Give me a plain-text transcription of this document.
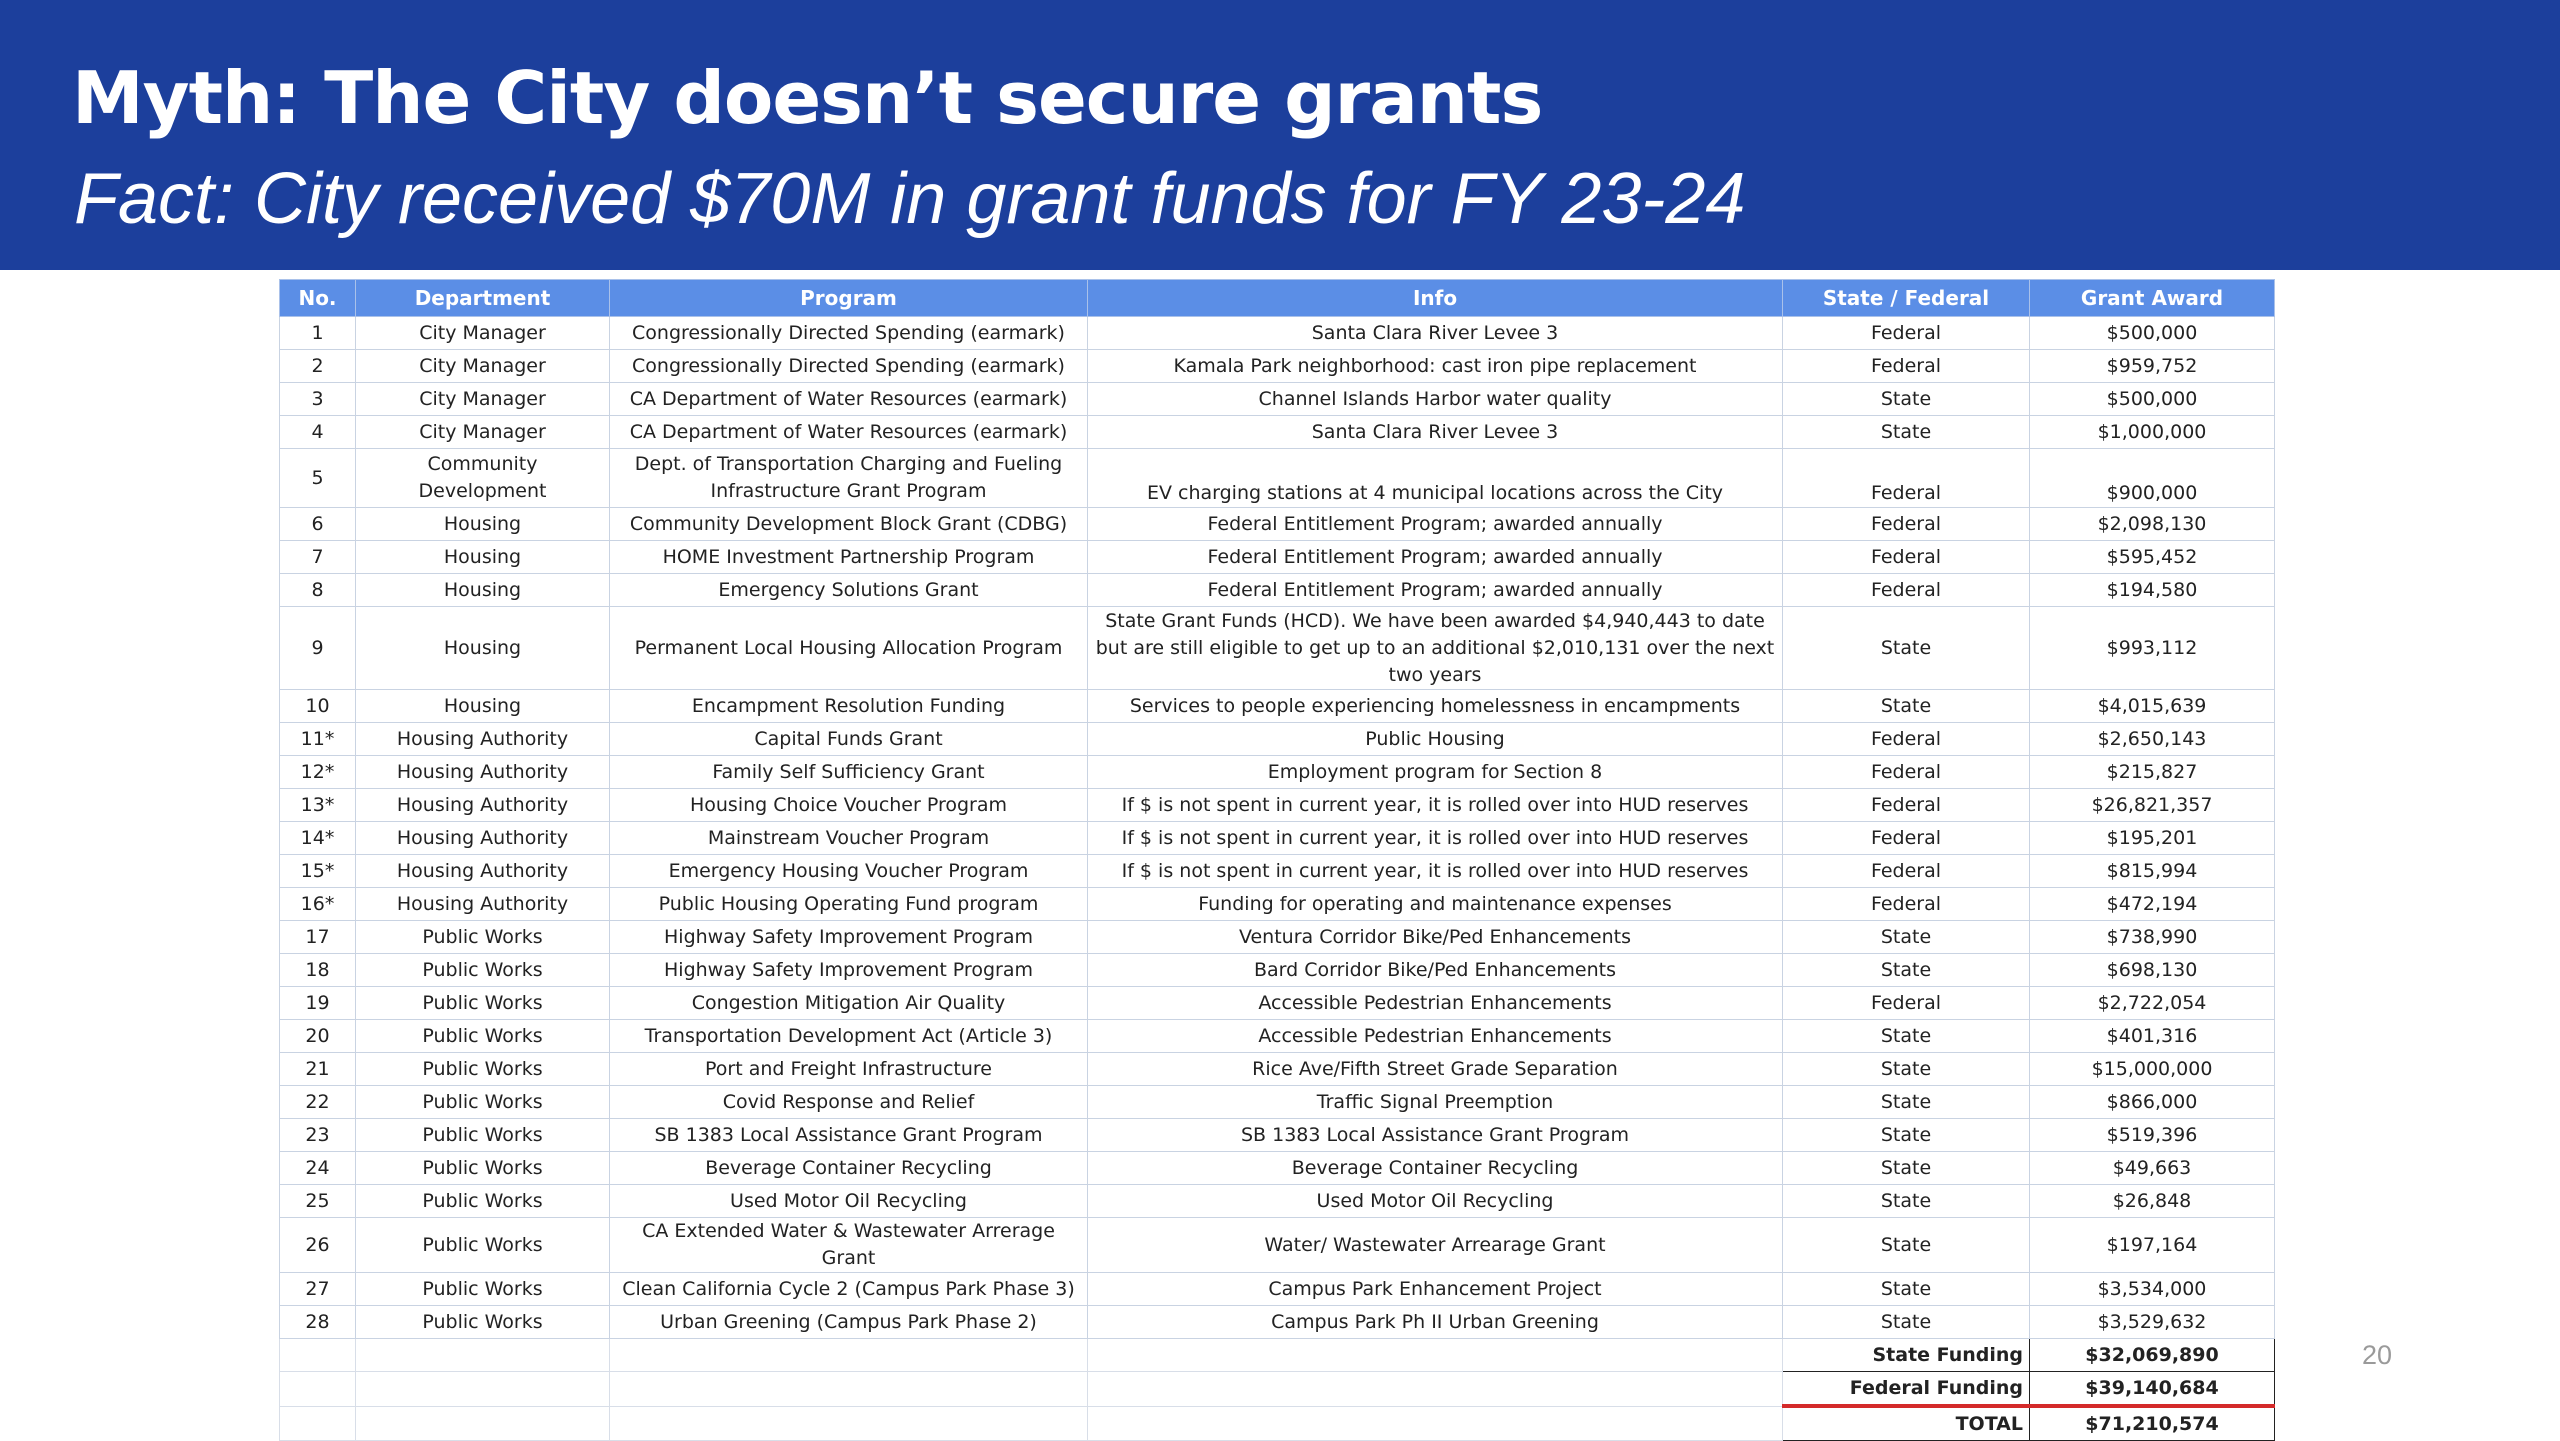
Myth: The City doesn’t secure grants
Fact: City received $70M in grant funds for FY 23-24
No.	Department	Program	Info	State / Federal	Grant Award
1	City Manager	Congressionally Directed Spending (earmark)	Santa Clara River Levee 3	Federal	$500,000
2	City Manager	Congressionally Directed Spending (earmark)	Kamala Park neighborhood: cast iron pipe replacement	Federal	$959,752
3	City Manager	CA Department of Water Resources (earmark)	Channel Islands Harbor water quality	State	$500,000
4	City Manager	CA Department of Water Resources (earmark)	Santa Clara River Levee 3	State	$1,000,000
5	Community Development	Dept. of Transportation Charging and Fueling Infrastructure Grant Program	EV charging stations at 4 municipal locations across the City	Federal	$900,000
6	Housing	Community Development Block Grant (CDBG)	Federal Entitlement Program; awarded annually	Federal	$2,098,130
7	Housing	HOME Investment Partnership Program	Federal Entitlement Program; awarded annually	Federal	$595,452
8	Housing	Emergency Solutions Grant	Federal Entitlement Program; awarded annually	Federal	$194,580
9	Housing	Permanent Local Housing Allocation Program	State Grant Funds (HCD). We have been awarded $4,940,443 to date but are still eligible to get up to an additional $2,010,131 over the next two years	State	$993,112
10	Housing	Encampment Resolution Funding	Services to people experiencing homelessness in encampments	State	$4,015,639
11*	Housing Authority	Capital Funds Grant	Public Housing	Federal	$2,650,143
12*	Housing Authority	Family Self Sufficiency Grant	Employment program for Section 8	Federal	$215,827
13*	Housing Authority	Housing Choice Voucher Program	If $ is not spent in current year, it is rolled over into HUD reserves	Federal	$26,821,357
14*	Housing Authority	Mainstream Voucher Program	If $ is not spent in current year, it is rolled over into HUD reserves	Federal	$195,201
15*	Housing Authority	Emergency Housing Voucher Program	If $ is not spent in current year, it is rolled over into HUD reserves	Federal	$815,994
16*	Housing Authority	Public Housing Operating Fund program	Funding for operating and maintenance expenses	Federal	$472,194
17	Public Works	Highway Safety Improvement Program	Ventura Corridor Bike/Ped Enhancements	State	$738,990
18	Public Works	Highway Safety Improvement Program	Bard Corridor Bike/Ped Enhancements	State	$698,130
19	Public Works	Congestion Mitigation Air Quality	Accessible Pedestrian Enhancements	Federal	$2,722,054
20	Public Works	Transportation Development Act (Article 3)	Accessible Pedestrian Enhancements	State	$401,316
21	Public Works	Port and Freight Infrastructure	Rice Ave/Fifth Street Grade Separation	State	$15,000,000
22	Public Works	Covid Response and Relief	Traffic Signal Preemption	State	$866,000
23	Public Works	SB 1383 Local Assistance Grant Program	SB 1383 Local Assistance Grant Program	State	$519,396
24	Public Works	Beverage Container Recycling	Beverage Container Recycling	State	$49,663
25	Public Works	Used Motor Oil Recycling	Used Motor Oil Recycling	State	$26,848
26	Public Works	CA Extended Water & Wastewater Arrerage Grant	Water/ Wastewater Arrearage Grant	State	$197,164
27	Public Works	Clean California Cycle 2 (Campus Park Phase 3)	Campus Park Enhancement Project	State	$3,534,000
28	Public Works	Urban Greening (Campus Park Phase 2)	Campus Park Ph II Urban Greening	State	$3,529,632
				State Funding	$32,069,890
				Federal Funding	$39,140,684
				TOTAL	$71,210,574
20
